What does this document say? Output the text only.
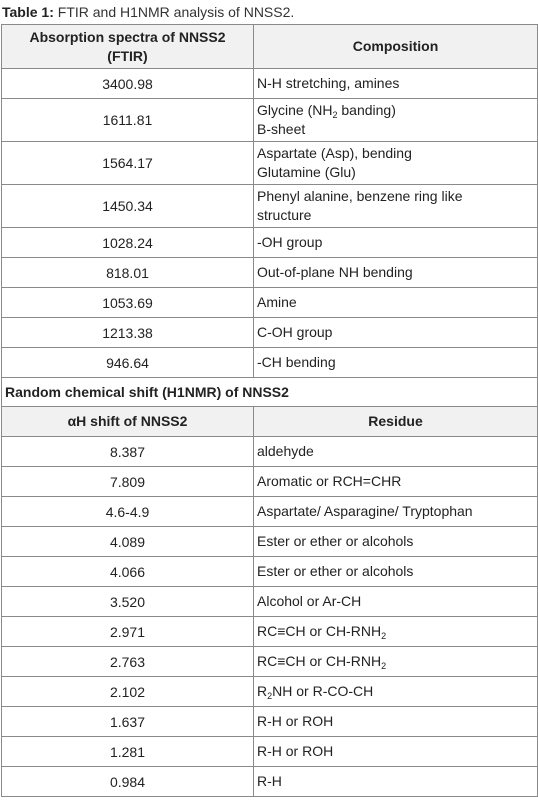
Table 1: FTIR and H1NMR analysis of NNSS2.
Absorption spectra of NNSS2
(FTIR)	Composition
3400.98	N-H stretching, amines
1611.81	Glycine ($NH_2$ banding)
B-sheet
1564.17	Aspartate (Asp), bending
Glutamine (Glu)
1450.34	Phenyl alanine, benzene ring like
structure
1028.24	-OH group
818.01	Out-of-plane NH bending
1053.69	Amine
1213.38	C-OH group
946.64	-CH bending
Random chemical shift (H1NMR) of NNSS2	
αH shift of NNSS2	Residue
8.387	aldehyde
7.809	Aromatic or RCH=CHR
4.6-4.9	Aspartate/ Asparagine/ Tryptophan
4.089	Ester or ether or alcohols
4.066	Ester or ether or alcohols
3.520	Alcohol or Ar-CH
2.971	RC≡CH or $CH-RNH_2$
2.763	RC≡CH or $CH-RNH_2$
2.102	$R_2NH$ or R-CO-CH
1.637	R-H or ROH
1.281	R-H or ROH
0.984	R-H
